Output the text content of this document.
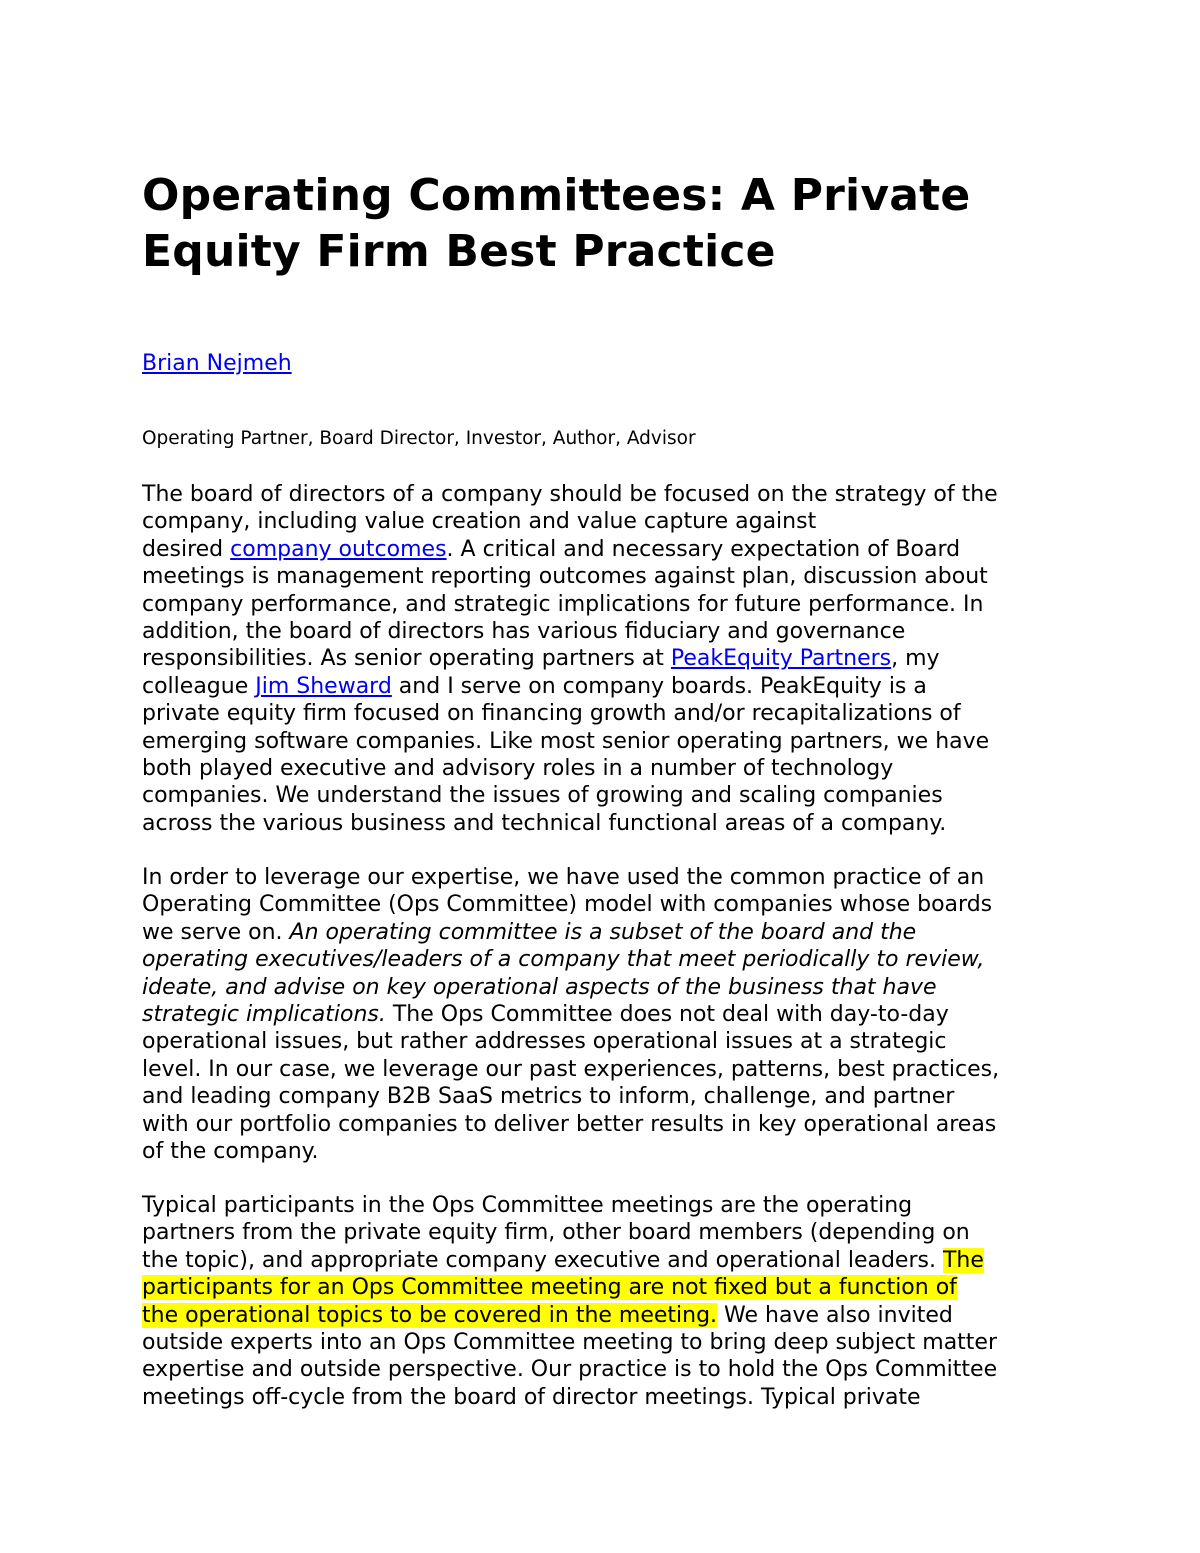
Operating Committees: A Private
Equity Firm Best Practice
Brian Nejmeh
Operating Partner, Board Director, Investor, Author, Advisor

The board of directors of a company should be focused on the strategy of the
company, including value creation and value capture against
desired company outcomes. A critical and necessary expectation of Board
meetings is management reporting outcomes against plan, discussion about
company performance, and strategic implications for future performance. In
addition, the board of directors has various fiduciary and governance
responsibilities. As senior operating partners at PeakEquity Partners, my
colleague Jim Sheward and I serve on company boards. PeakEquity is a
private equity firm focused on financing growth and/or recapitalizations of
emerging software companies. Like most senior operating partners, we have
both played executive and advisory roles in a number of technology
companies. We understand the issues of growing and scaling companies
across the various business and technical functional areas of a company.

In order to leverage our expertise, we have used the common practice of an
Operating Committee (Ops Committee) model with companies whose boards
we serve on. An operating committee is a subset of the board and the
operating executives/leaders of a company that meet periodically to review,
ideate, and advise on key operational aspects of the business that have
strategic implications. The Ops Committee does not deal with day-to-day
operational issues, but rather addresses operational issues at a strategic
level. In our case, we leverage our past experiences, patterns, best practices,
and leading company B2B SaaS metrics to inform, challenge, and partner
with our portfolio companies to deliver better results in key operational areas
of the company.

Typical participants in the Ops Committee meetings are the operating
partners from the private equity firm, other board members (depending on
the topic), and appropriate company executive and operational leaders. The
participants for an Ops Committee meeting are not fixed but a function of
the operational topics to be covered in the meeting. We have also invited
outside experts into an Ops Committee meeting to bring deep subject matter
expertise and outside perspective. Our practice is to hold the Ops Committee
meetings off-cycle from the board of director meetings. Typical private
